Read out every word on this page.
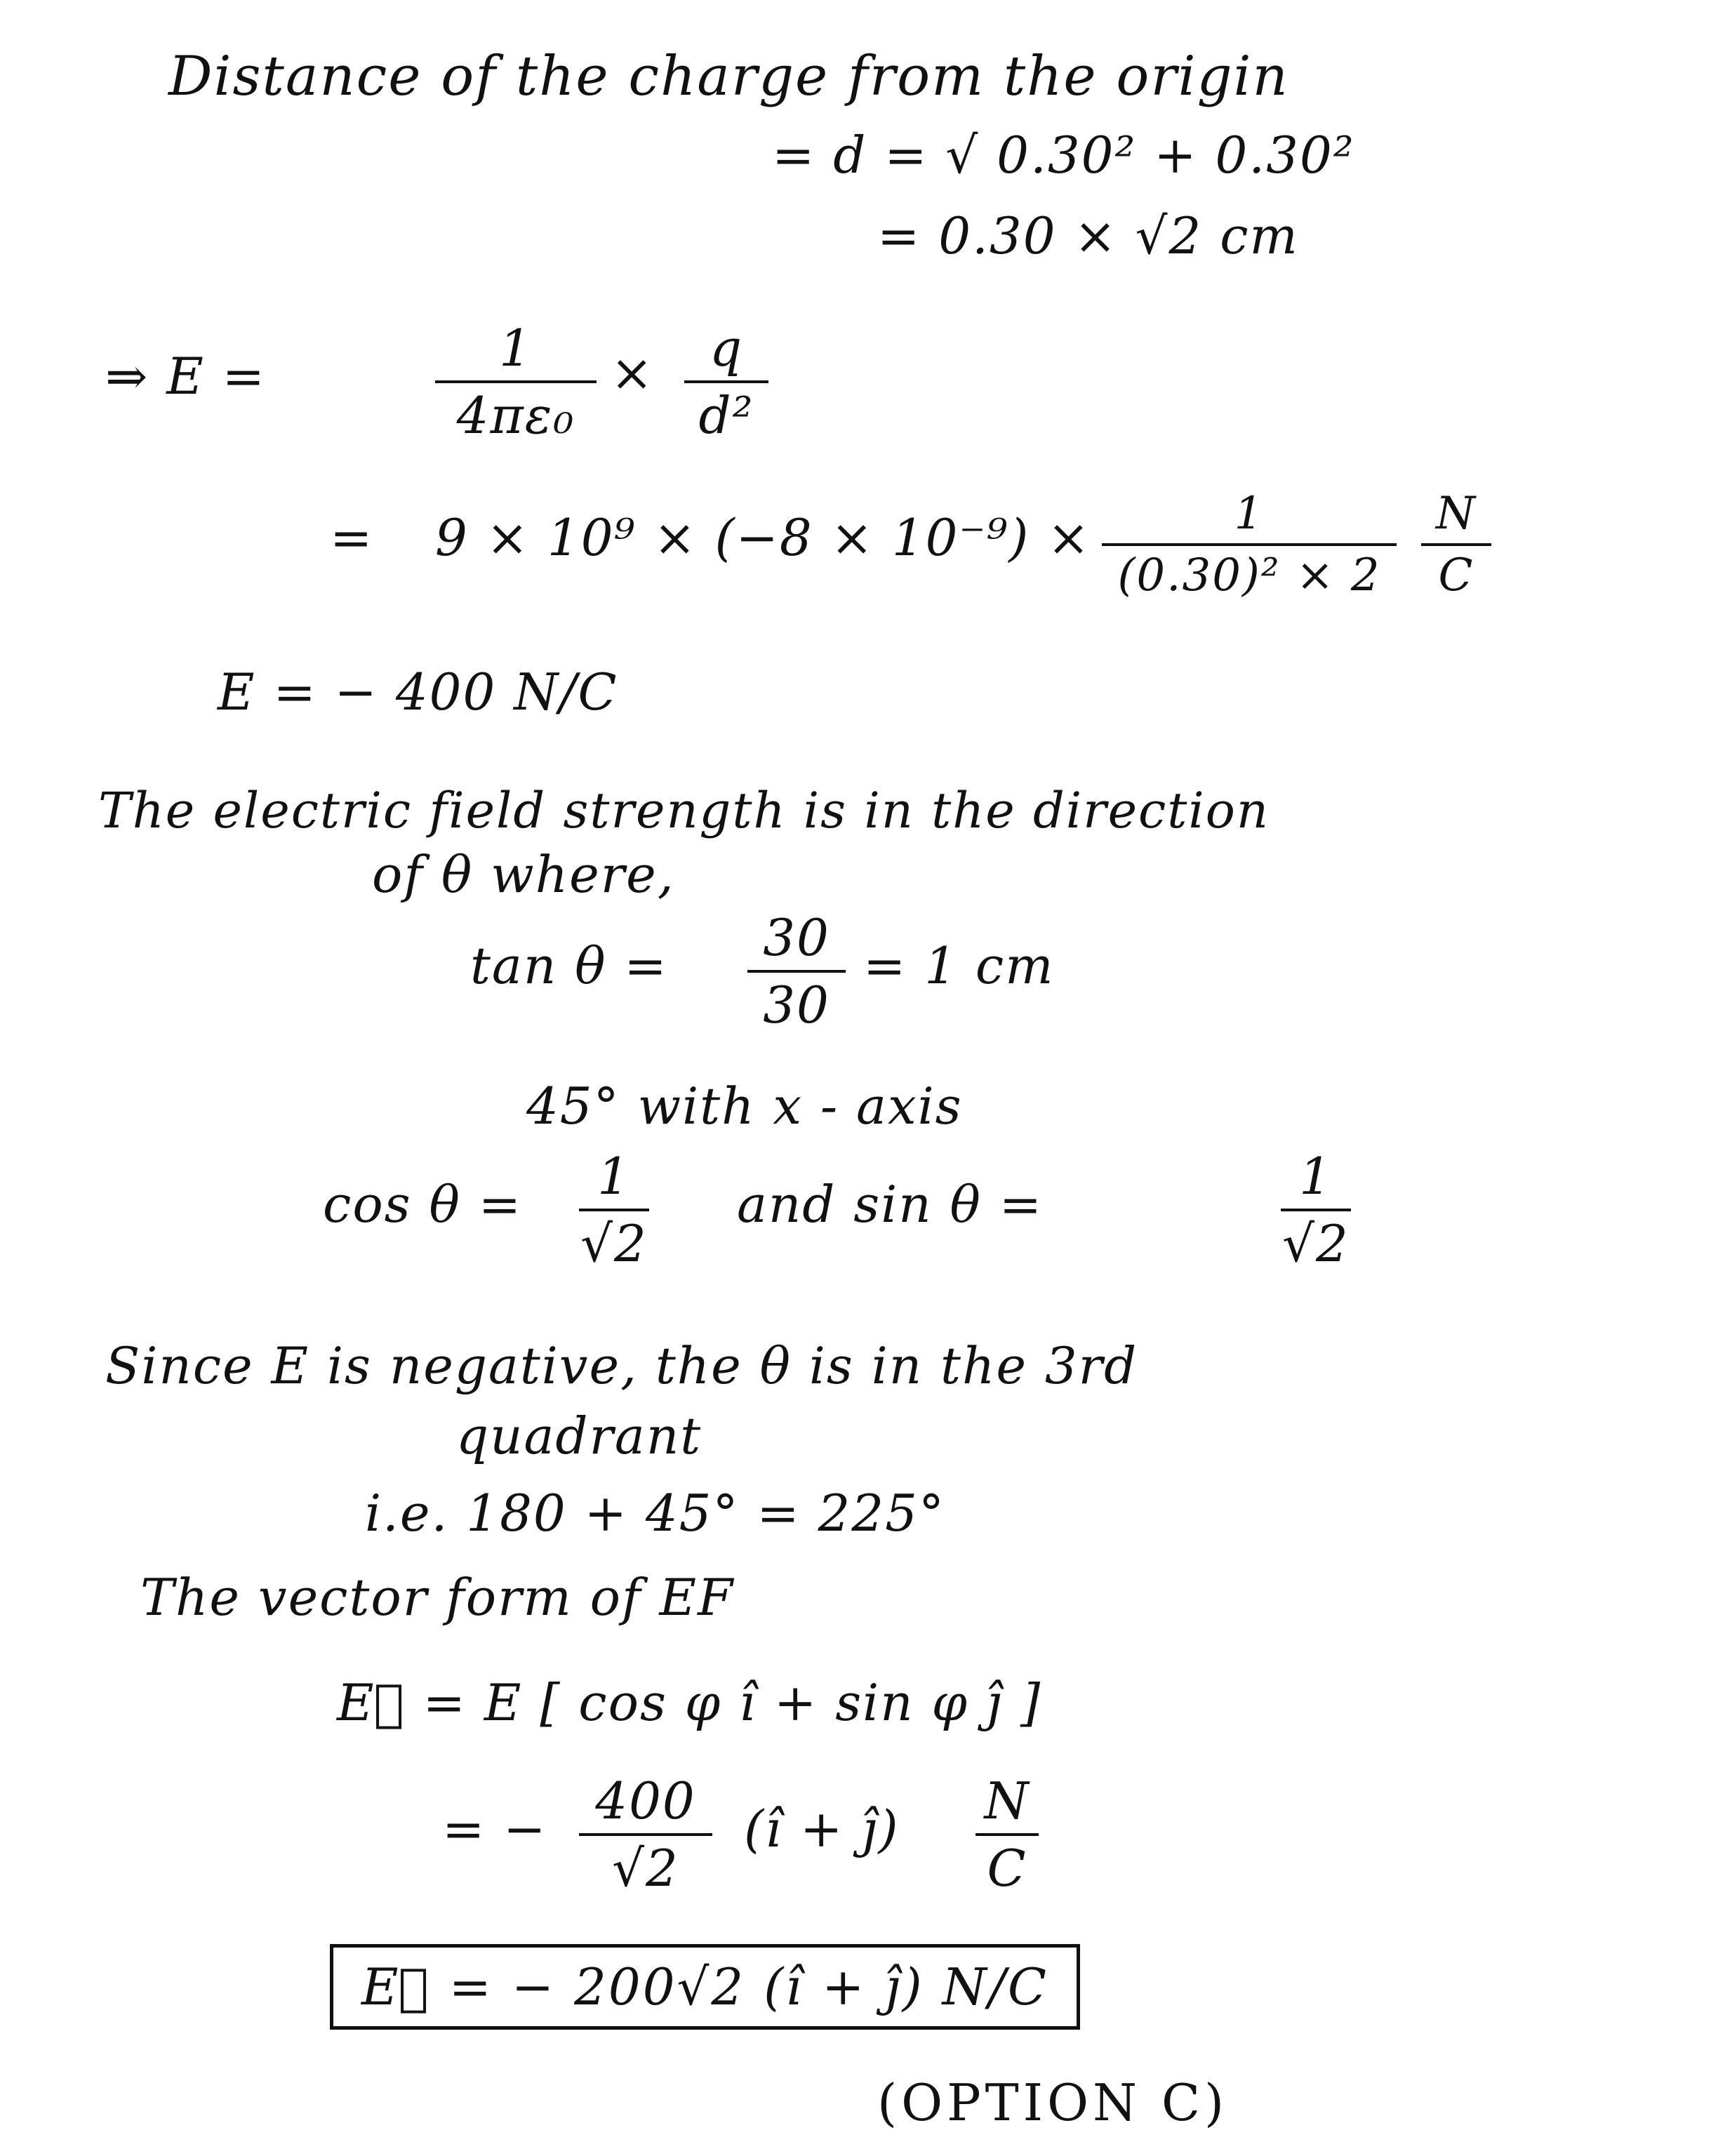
Distance of the charge from the origin
= d = √ 0.30² + 0.30²
= 0.30 × √2 cm
⇒ E =	1
4πε₀
× q
d²
= 9 × 10⁹ × (−8 × 10⁻⁹) ×	1
(0.30)² × 2
N
C
E = − 400 N/C
The electric field strength is in the direction
of θ where,
tan θ = 30
30
= 1 cm
45° with x - axis
cos θ = 1
√2
and sin θ =	1
√2
Since E is negative, the θ is in the 3rd
quadrant
i.e. 180 + 45° = 225°
The vector form of EF
E⃗ = E [ cos φ î + sin φ ĵ ]
= − 400
√2
(î + ĵ) N
C
E⃗ = − 200√2 (î + ĵ) N/C
(OPTION C)
